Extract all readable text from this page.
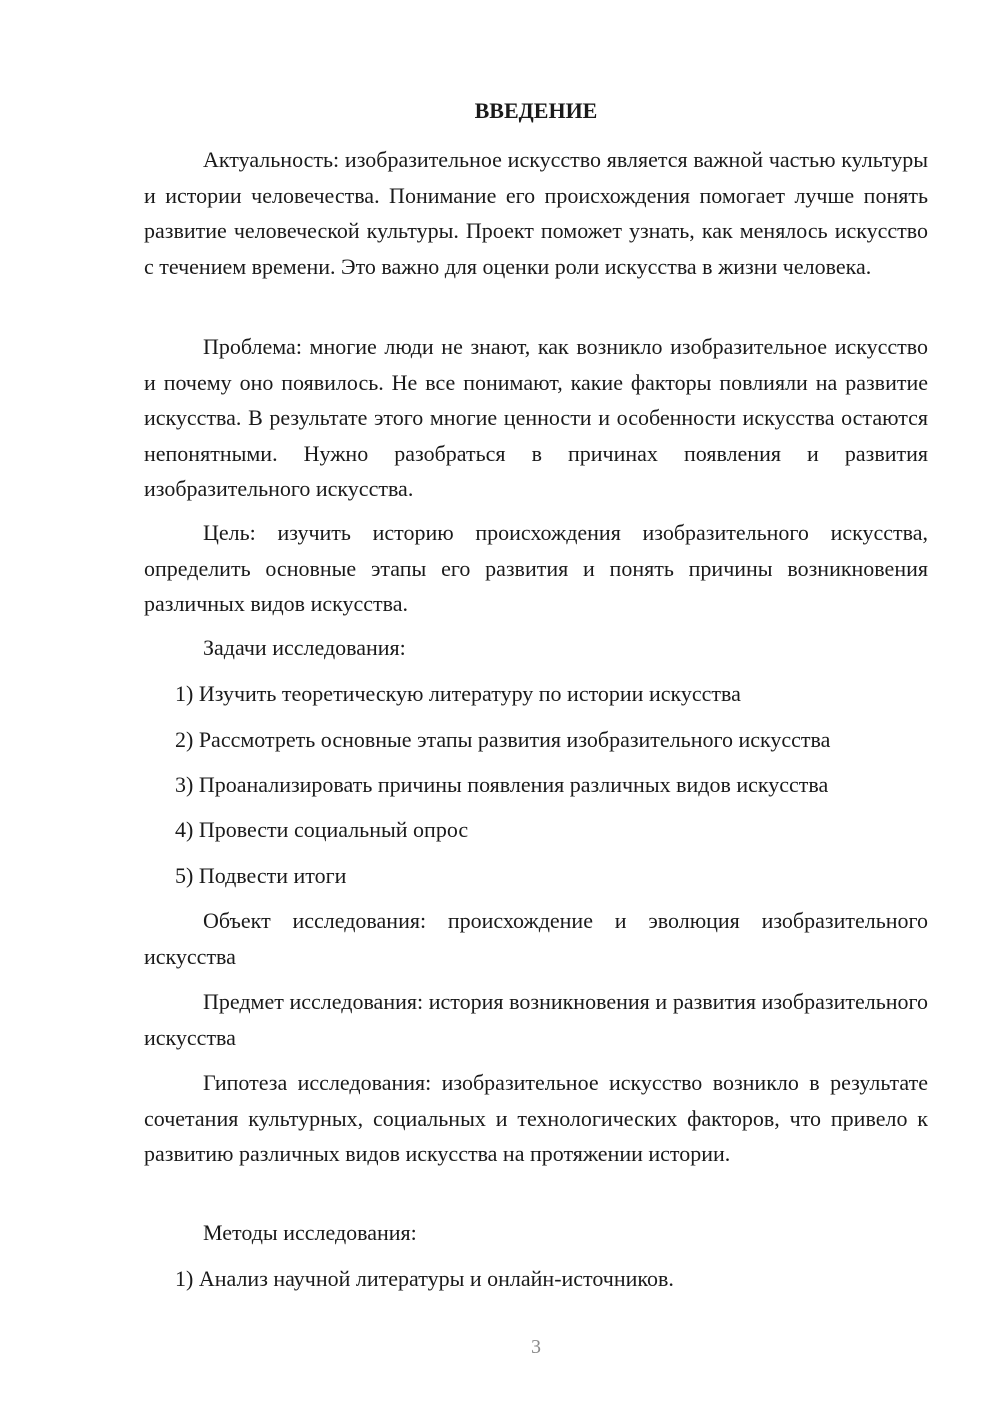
ВВЕДЕНИЕ

Актуальность: изобразительное искусство является важной частью культуры и истории человечества. Понимание его происхождения помогает лучше понять развитие человеческой культуры. Проект поможет узнать, как менялось искусство с течением времени. Это важно для оценки роли искусства в жизни человека.

Проблема: многие люди не знают, как возникло изобразительное искусство и почему оно появилось. Не все понимают, какие факторы повлияли на развитие искусства. В результате этого многие ценности и особенности искусства остаются непонятными. Нужно разобраться в причинах появления и развития изобразительного искусства.

Цель: изучить историю происхождения изобразительного искусства, определить основные этапы его развития и понять причины возникновения различных видов искусства.

Задачи исследования:

1) Изучить теоретическую литературу по истории искусства

2) Рассмотреть основные этапы развития изобразительного искусства

3) Проанализировать причины появления различных видов искусства

4) Провести социальный опрос

5) Подвести итоги

Объект исследования: происхождение и эволюция изобразительного искусства

Предмет исследования: история возникновения и развития изобразительного искусства

Гипотеза исследования: изобразительное искусство возникло в результате сочетания культурных, социальных и технологических факторов, что привело к развитию различных видов искусства на протяжении истории.

Методы исследования:

1) Анализ научной литературы и онлайн-источников.

3
